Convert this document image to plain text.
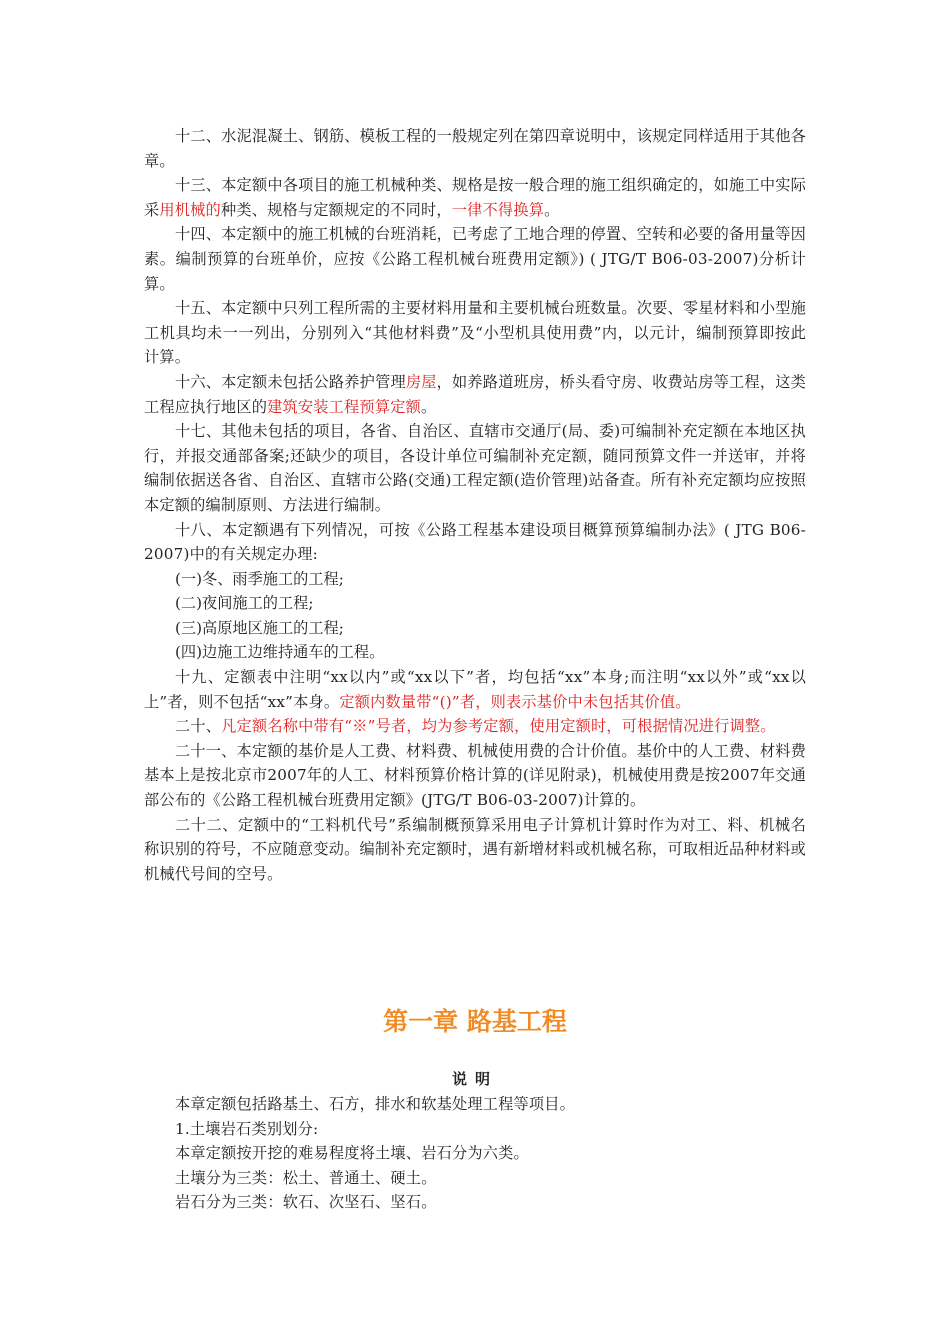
十二、水泥混凝土、钢筋、模板工程的一般规定列在第四章说明中，该规定同样适用于其他各章。

十三、本定额中各项目的施工机械种类、规格是按一般合理的施工组织确定的，如施工中实际采用机械的种类、规格与定额规定的不同时，一律不得换算。

十四、本定额中的施工机械的台班消耗，已考虑了工地合理的停置、空转和必要的备用量等因素。编制预算的台班单价，应按《公路工程机械台班费用定额》) ( JTG/T B06-03-2007)分析计算。

十五、本定额中只列工程所需的主要材料用量和主要机械台班数量。次要、零星材料和小型施工机具均未一一列出，分别列入“其他材料费”及“小型机具使用费”内，以元计，编制预算即按此计算。

十六、本定额未包括公路养护管理房屋，如养路道班房，桥头看守房、收费站房等工程，这类工程应执行地区的建筑安装工程预算定额。

十七、其他未包括的项目，各省、自治区、直辖市交通厅(局、委)可编制补充定额在本地区执行，并报交通部备案;还缺少的项目，各设计单位可编制补充定额，随同预算文件一并送审，并将编制依据送各省、自治区、直辖市公路(交通)工程定额(造价管理)站备查。所有补充定额均应按照本定额的编制原则、方法进行编制。

十八、本定额遇有下列情况，可按《公路工程基本建设项目概算预算编制办法》( JTG B06-2007)中的有关规定办理:

(一)冬、雨季施工的工程;

(二)夜间施工的工程;

(三)高原地区施工的工程;

(四)边施工边维持通车的工程。

十九、定额表中注明“xx以内”或“xx以下”者，均包括“xx”本身;而注明“xx以外”或“xx以上”者，则不包括“xx”本身。定额内数量带“()”者，则表示基价中未包括其价值。

二十、凡定额名称中带有“※”号者，均为参考定额，使用定额时，可根据情况进行调整。

二十一、本定额的基价是人工费、材料费、机械使用费的合计价值。基价中的人工费、材料费基本上是按北京市2007年的人工、材料预算价格计算的(详见附录)，机械使用费是按2007年交通部公布的《公路工程机械台班费用定额》(JTG/T B06-03-2007)计算的。

二十二、定额中的“工料机代号”系编制概预算采用电子计算机计算时作为对工、料、机械名称识别的符号，不应随意变动。编制补充定额时，遇有新增材料或机械名称，可取相近品种材料或机械代号间的空号。

第一章 路基工程
说明

本章定额包括路基土、石方，排水和软基处理工程等项目。

1.土壤岩石类别划分:

本章定额按开挖的难易程度将土壤、岩石分为六类。

土壤分为三类：松土、普通土、硬土。

岩石分为三类：软石、次坚石、坚石。
